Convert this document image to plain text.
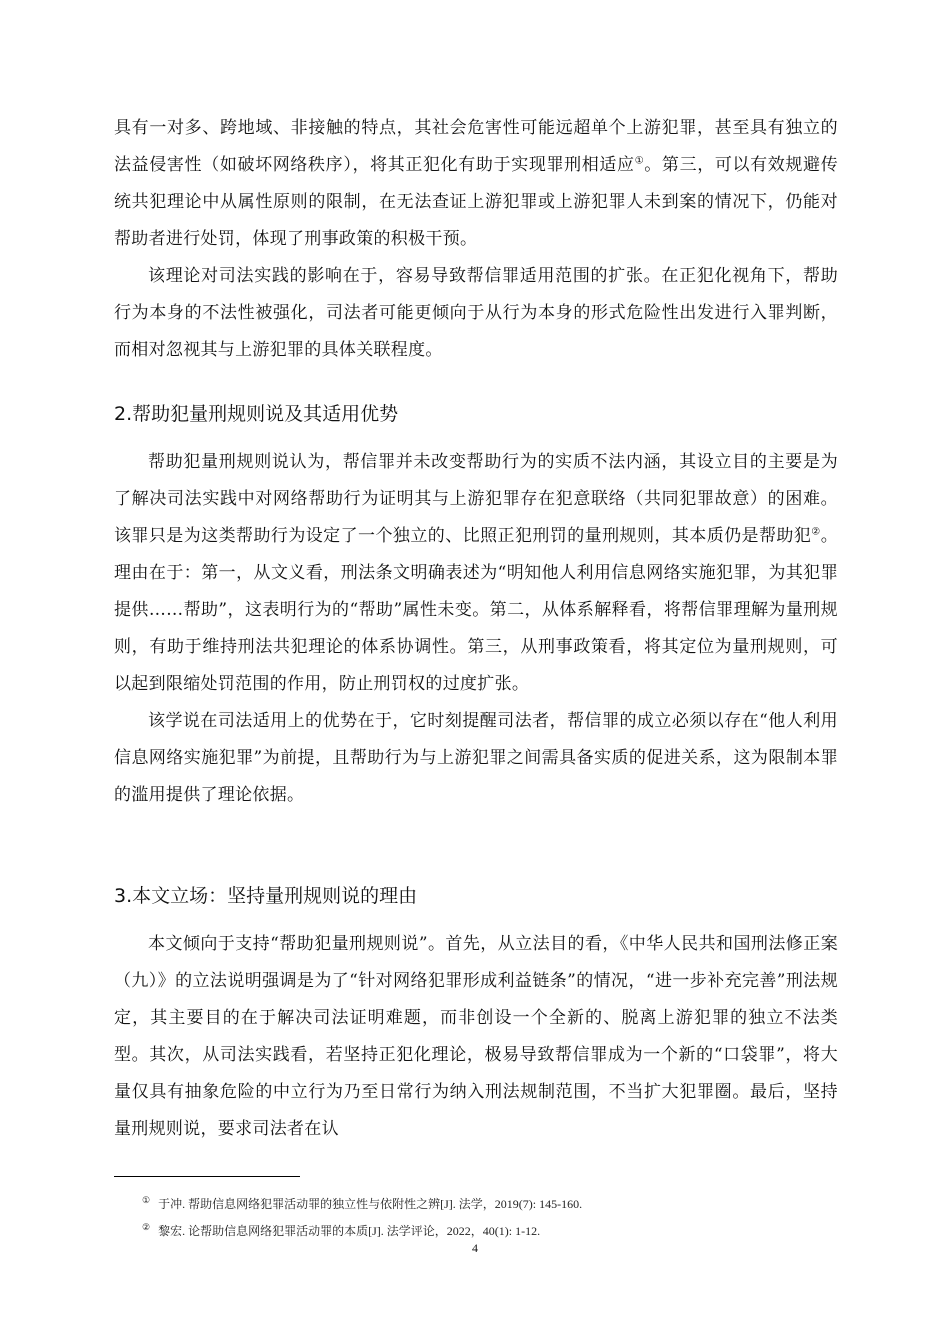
具有一对多、跨地域、非接触的特点，其社会危害性可能远超单个上游犯罪，甚至具有独立的法益侵害性（如破坏网络秩序），将其正犯化有助于实现罪刑相适应①。第三，可以有效规避传统共犯理论中从属性原则的限制，在无法查证上游犯罪或上游犯罪人未到案的情况下，仍能对帮助者进行处罚，体现了刑事政策的积极干预。

该理论对司法实践的影响在于，容易导致帮信罪适用范围的扩张。在正犯化视角下，帮助行为本身的不法性被强化，司法者可能更倾向于从行为本身的形式危险性出发进行入罪判断，而相对忽视其与上游犯罪的具体关联程度。

2.帮助犯量刑规则说及其适用优势

帮助犯量刑规则说认为，帮信罪并未改变帮助行为的实质不法内涵，其设立目的主要是为了解决司法实践中对网络帮助行为证明其与上游犯罪存在犯意联络（共同犯罪故意）的困难。该罪只是为这类帮助行为设定了一个独立的、比照正犯刑罚的量刑规则，其本质仍是帮助犯②。理由在于：第一，从文义看，刑法条文明确表述为“明知他人利用信息网络实施犯罪，为其犯罪提供……帮助”，这表明行为的“帮助”属性未变。第二，从体系解释看，将帮信罪理解为量刑规则，有助于维持刑法共犯理论的体系协调性。第三，从刑事政策看，将其定位为量刑规则，可以起到限缩处罚范围的作用，防止刑罚权的过度扩张。

该学说在司法适用上的优势在于，它时刻提醒司法者，帮信罪的成立必须以存在“他人利用信息网络实施犯罪”为前提，且帮助行为与上游犯罪之间需具备实质的促进关系，这为限制本罪的滥用提供了理论依据。

3.本文立场：坚持量刑规则说的理由

本文倾向于支持“帮助犯量刑规则说”。首先，从立法目的看，《中华人民共和国刑法修正案（九）》的立法说明强调是为了“针对网络犯罪形成利益链条”的情况，“进一步补充完善”刑法规定，其主要目的在于解决司法证明难题，而非创设一个全新的、脱离上游犯罪的独立不法类型。其次，从司法实践看，若坚持正犯化理论，极易导致帮信罪成为一个新的“口袋罪”，将大量仅具有抽象危险的中立行为乃至日常行为纳入刑法规制范围，不当扩大犯罪圈。最后，坚持量刑规则说，要求司法者在认

① 于冲. 帮助信息网络犯罪活动罪的独立性与依附性之辨[J]. 法学，2019(7): 145-160.
② 黎宏. 论帮助信息网络犯罪活动罪的本质[J]. 法学评论，2022，40(1): 1-12.
4
